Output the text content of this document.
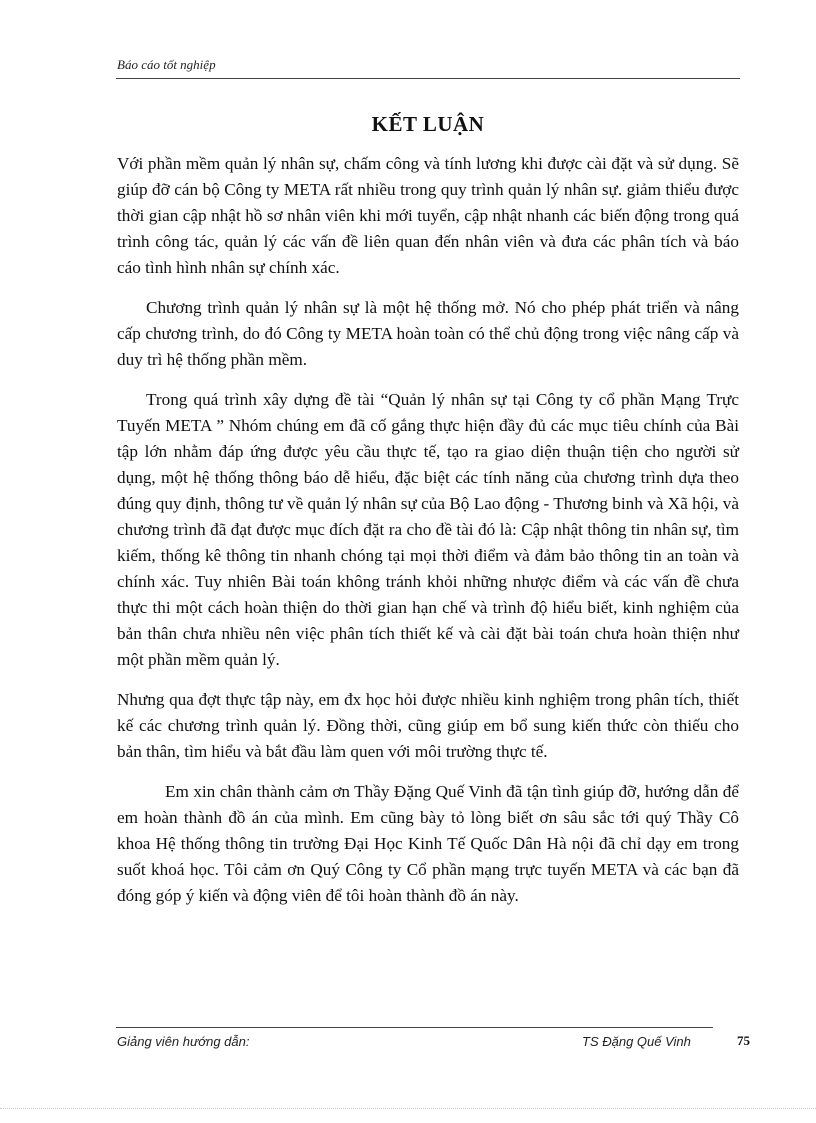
Báo cáo tốt nghiệp
KẾT LUẬN

Với phần mềm quản lý nhân sự, chấm công và tính lương khi được cài đặt và sử dụng. Sẽ giúp đỡ cán bộ Công ty META rất nhiều trong quy trình quản lý nhân sự. giảm thiểu được thời gian cập nhật hồ sơ nhân viên khi mới tuyển, cập nhật nhanh các biến động trong quá trình công tác, quản lý các vấn đề liên quan đến nhân viên và đưa các phân tích và báo cáo tình hình nhân sự chính xác.

Chương trình quản lý nhân sự là một hệ thống mở. Nó cho phép phát triển và nâng cấp chương trình, do đó Công ty META hoàn toàn có thể chủ động trong việc nâng cấp và duy trì hệ thống phần mềm.

Trong quá trình xây dựng đề tài “Quản lý nhân sự tại Công ty cổ phần Mạng Trực Tuyến META ” Nhóm chúng em đã cố gắng thực hiện đầy đủ các mục tiêu chính của Bài tập lớn nhằm đáp ứng được yêu cầu thực tế, tạo ra giao diện thuận tiện cho người sử dụng, một hệ thống thông báo dễ hiểu, đặc biệt các tính năng của chương trình dựa theo đúng quy định, thông tư về quản lý nhân sự của Bộ Lao động - Thương binh và Xã hội, và chương trình đã đạt được mục đích đặt ra cho đề tài đó là: Cập nhật thông tin nhân sự, tìm kiếm, thống kê thông tin nhanh chóng tại mọi thời điểm và đảm bảo thông tin an toàn và chính xác. Tuy nhiên Bài toán không tránh khỏi những nhược điểm và các vấn đề chưa thực thi một cách hoàn thiện do thời gian hạn chế và trình độ hiểu biết, kinh nghiệm của bản thân chưa nhiều nên việc phân tích thiết kế và cài đặt bài toán chưa hoàn thiện như một phần mềm quản lý.

Nhưng qua đợt thực tập này, em đx học hỏi được nhiều kinh nghiệm trong phân tích, thiết kế các chương trình quản lý. Đồng thời, cũng giúp em bổ sung kiến thức còn thiếu cho bản thân, tìm hiểu và bắt đầu làm quen với môi trường thực tế.

Em xin chân thành cảm ơn Thầy Đặng Quế Vinh đã tận tình giúp đỡ, hướng dẫn để em hoàn thành đồ án của mình. Em cũng bày tỏ lòng biết ơn sâu sắc tới quý Thầy Cô khoa Hệ thống thông tin trường Đại Học Kinh Tế Quốc Dân Hà nội đã chỉ dạy em trong suốt khoá học. Tôi cảm ơn Quý Công ty Cổ phần mạng trực tuyến META và các bạn đã đóng góp ý kiến và động viên để tôi hoàn thành đồ án này.

Giảng viên hướng dẫn:	TS Đặng Quế Vinh	75
